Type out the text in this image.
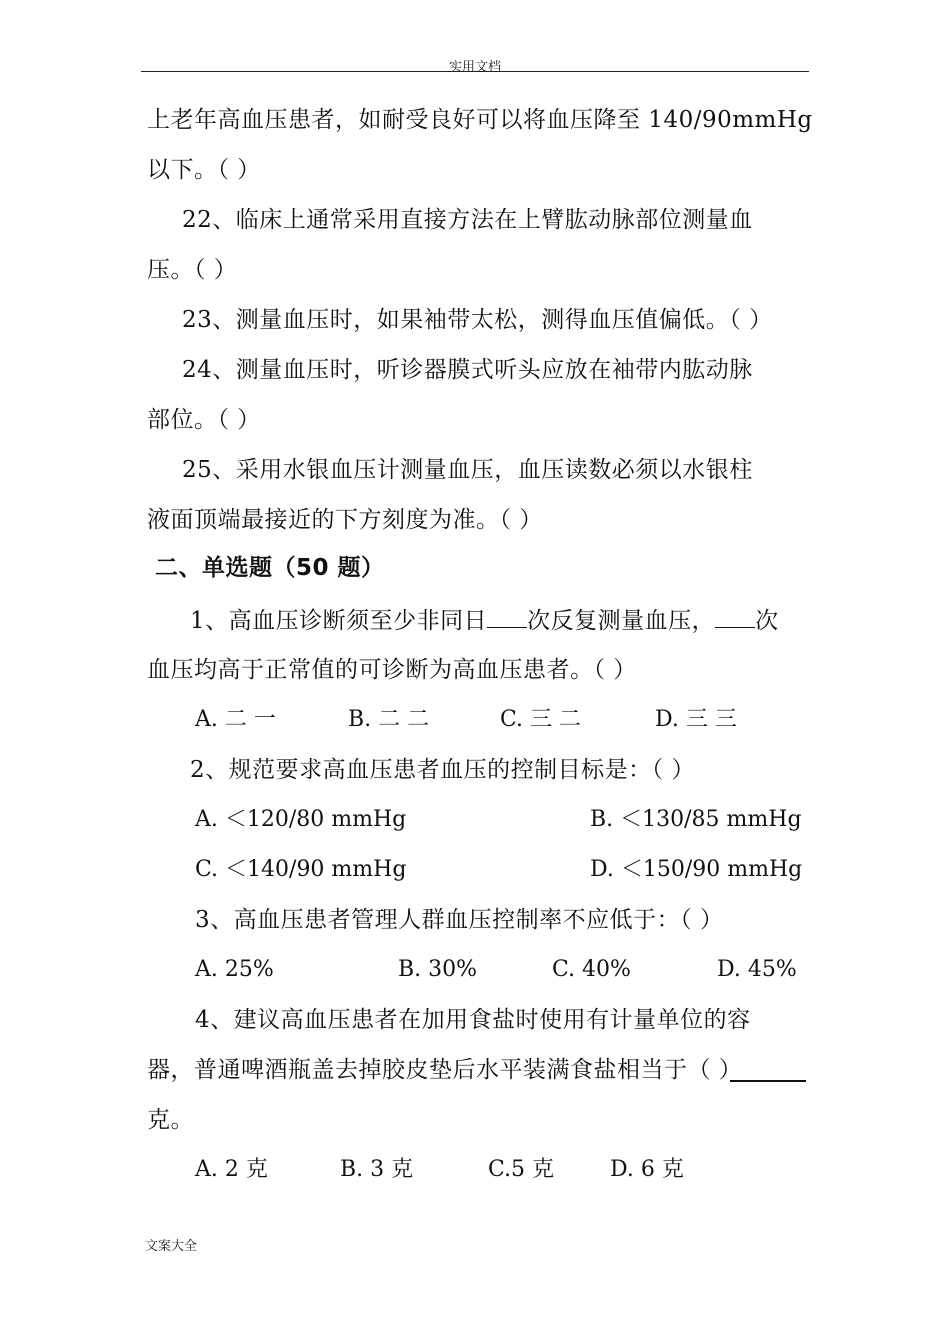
实用文档
上老年高血压患者，如耐受良好可以将血压降至 140/90mmHg
以下。（ ）
22、临床上通常采用直接方法在上臂肱动脉部位测量血
压。（ ）
23、测量血压时，如果袖带太松，测得血压值偏低。（ ）
24、测量血压时，听诊器膜式听头应放在袖带内肱动脉
部位。（ ）
25、采用水银血压计测量血压，血压读数必须以水银柱
液面顶端最接近的下方刻度为准。（ ）
二、单选题（50 题）
1、高血压诊断须至少非同日 次反复测量血压， 次
血压均高于正常值的可诊断为高血压患者。（ ）
A. 二 一	B. 二 二	C. 三 二	D. 三 三
2、规范要求高血压患者血压的控制目标是：（ ）
A. ＜120/80 mmHg	B. ＜130/85 mmHg
C. ＜140/90 mmHg	D. ＜150/90 mmHg
3、高血压患者管理人群血压控制率不应低于：（ ）
A. 25%	B. 30%	C. 40%	D. 45%
4、建议高血压患者在加用食盐时使用有计量单位的容
器，普通啤酒瓶盖去掉胶皮垫后水平装满食盐相当于（ ）
克。
A. 2 克	B. 3 克	C.5 克	D. 6 克
文案大全
